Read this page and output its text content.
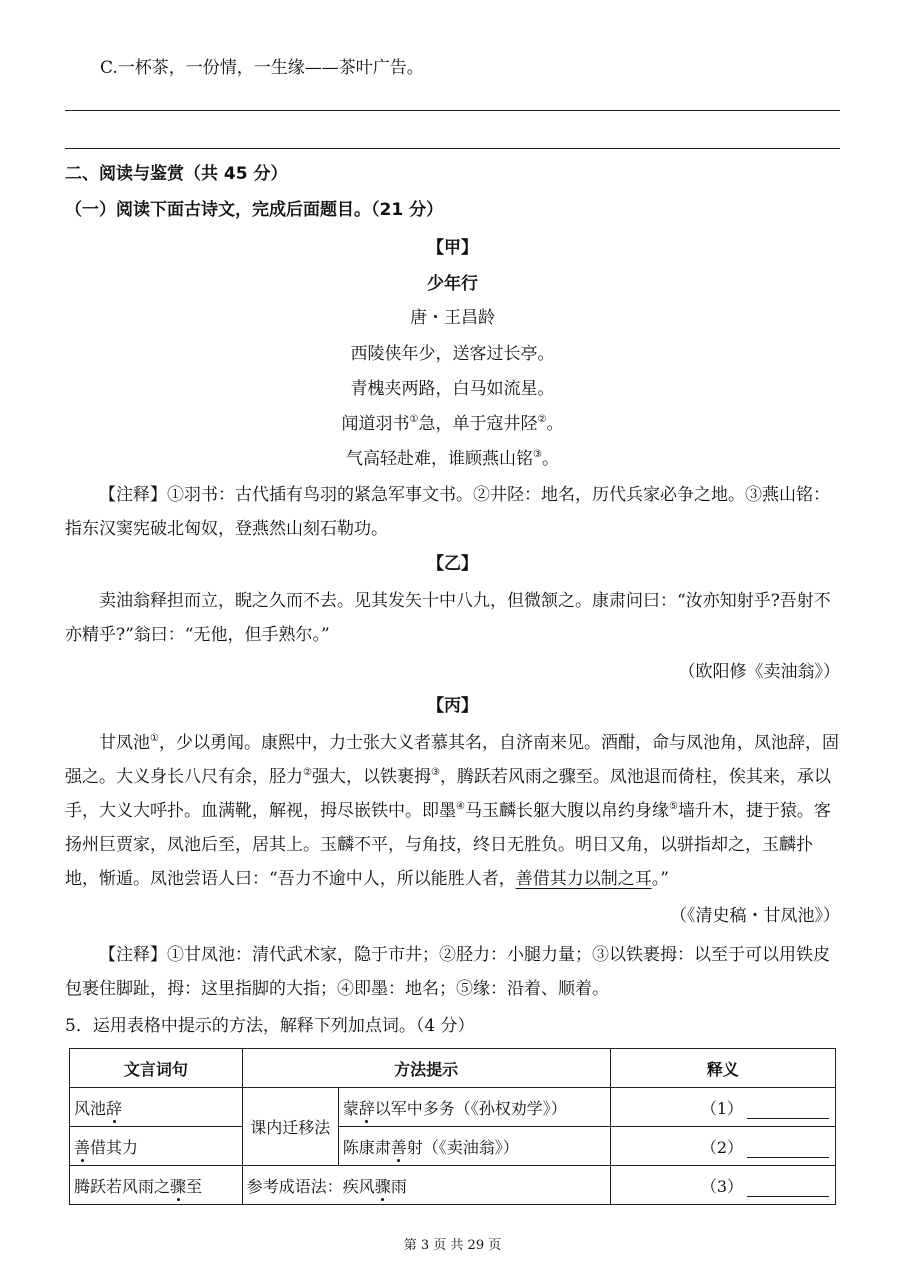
C.一杯茶，一份情，一生缘——茶叶广告。
二、阅读与鉴赏（共 45 分）
（一）阅读下面古诗文，完成后面题目。（21 分）
【甲】
少年行
唐・王昌龄
西陵侠年少，送客过长亭。
青槐夹两路，白马如流星。
闻道羽书①急，单于寇井陉②。
气高轻赴难，谁顾燕山铭③。
【注释】①羽书：古代插有鸟羽的紧急军事文书。②井陉：地名，历代兵家必争之地。③燕山铭：指东汉窦宪破北匈奴，登燕然山刻石勒功。
【乙】
卖油翁释担而立，睨之久而不去。见其发矢十中八九，但微颔之。康肃问曰：“汝亦知射乎?吾射不亦精乎?”翁曰：“无他，但手熟尔。”
（欧阳修《卖油翁》）
【丙】
甘凤池①，少以勇闻。康熙中，力士张大义者慕其名，自济南来见。酒酣，命与凤池角，凤池辞，固强之。大义身长八尺有余，胫力②强大，以铁裹拇③，腾跃若风雨之骤至。凤池退而倚柱，俟其来，承以手，大义大呼扑。血满靴，解视，拇尽嵌铁中。即墨④马玉麟长躯大腹以帛约身缘⑤墙升木，捷于猿。客扬州巨贾家，凤池后至，居其上。玉麟不平，与角技，终日无胜负。明日又角，以骈指却之，玉麟扑地，惭遁。凤池尝语人曰：“吾力不逾中人，所以能胜人者，善借其力以制之耳。”
（《清史稿・甘凤池》）
【注释】①甘凤池：清代武术家，隐于市井；②胫力：小腿力量；③以铁裹拇：以至于可以用铁皮包裹住脚趾，拇：这里指脚的大指；④即墨：地名；⑤缘：沿着、顺着。
5．运用表格中提示的方法，解释下列加点词。（4 分）
文言词句	方法提示		释义
风池辞	课内迁移法	蒙辞以军中多务（《孙权劝学》）	（1）
善借其力		陈康肃善射（《卖油翁》）	（2）
腾跃若风雨之骤至	参考成语法：疾风骤雨		（3）
第 3 页 共 29 页
